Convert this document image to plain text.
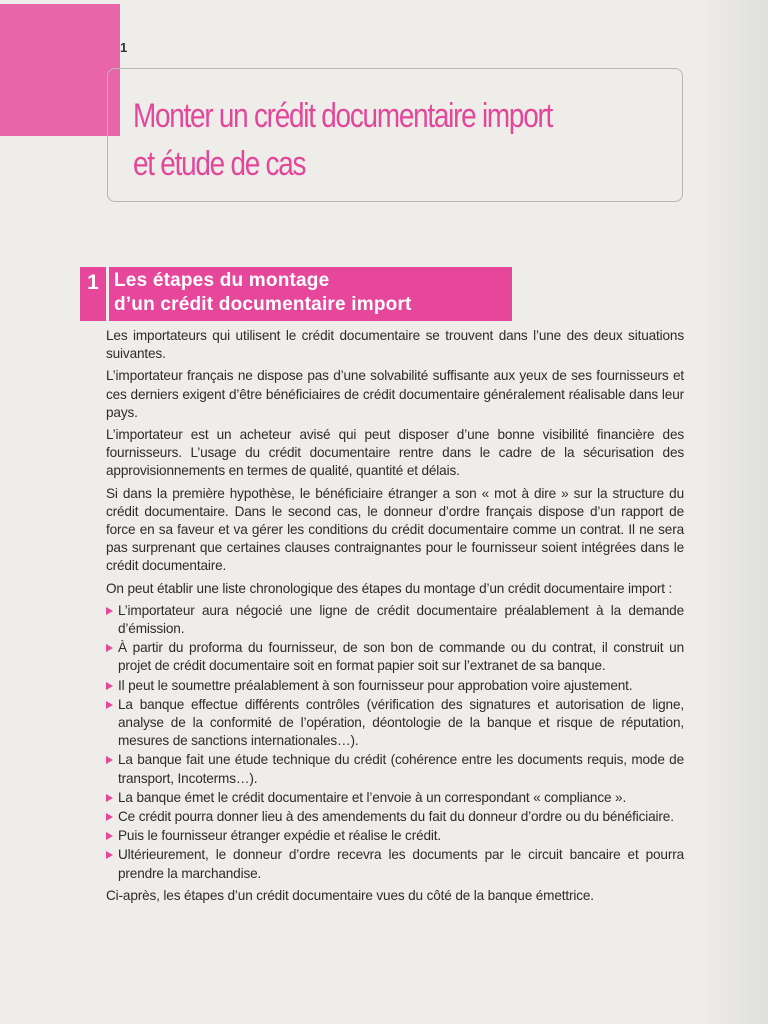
1
Monter un crédit documentaire import
et étude de cas
1 Les étapes du montage
d’un crédit documentaire import

Les importateurs qui utilisent le crédit documentaire se trouvent dans l’une des deux situations suivantes.

L’importateur français ne dispose pas d’une solvabilité suffisante aux yeux de ses fournisseurs et ces derniers exigent d’être bénéficiaires de crédit documentaire généralement réalisable dans leur pays.

L’importateur est un acheteur avisé qui peut disposer d’une bonne visibilité financière des fournisseurs. L’usage du crédit documentaire rentre dans le cadre de la sécurisation des approvisionnements en termes de qualité, quantité et délais.

Si dans la première hypothèse, le bénéficiaire étranger a son « mot à dire » sur la structure du crédit documentaire. Dans le second cas, le donneur d’ordre français dispose d’un rapport de force en sa faveur et va gérer les conditions du crédit documentaire comme un contrat. Il ne sera pas surprenant que certaines clauses contraignantes pour le fournisseur soient intégrées dans le crédit documentaire.

On peut établir une liste chronologique des étapes du montage d’un crédit documentaire import :

L’importateur aura négocié une ligne de crédit documentaire préalablement à la demande d’émission.
À partir du proforma du fournisseur, de son bon de commande ou du contrat, il construit un projet de crédit documentaire soit en format papier soit sur l’extranet de sa banque.
Il peut le soumettre préalablement à son fournisseur pour approbation voire ajustement.
La banque effectue différents contrôles (vérification des signatures et autorisation de ligne, analyse de la conformité de l’opération, déontologie de la banque et risque de réputation, mesures de sanctions internationales…).
La banque fait une étude technique du crédit (cohérence entre les documents requis, mode de transport, Incoterms…).
La banque émet le crédit documentaire et l’envoie à un correspondant « compliance ».
Ce crédit pourra donner lieu à des amendements du fait du donneur d’ordre ou du bénéficiaire.
Puis le fournisseur étranger expédie et réalise le crédit.
Ultérieurement, le donneur d’ordre recevra les documents par le circuit bancaire et pourra prendre la marchandise.

Ci-après, les étapes d’un crédit documentaire vues du côté de la banque émettrice.
